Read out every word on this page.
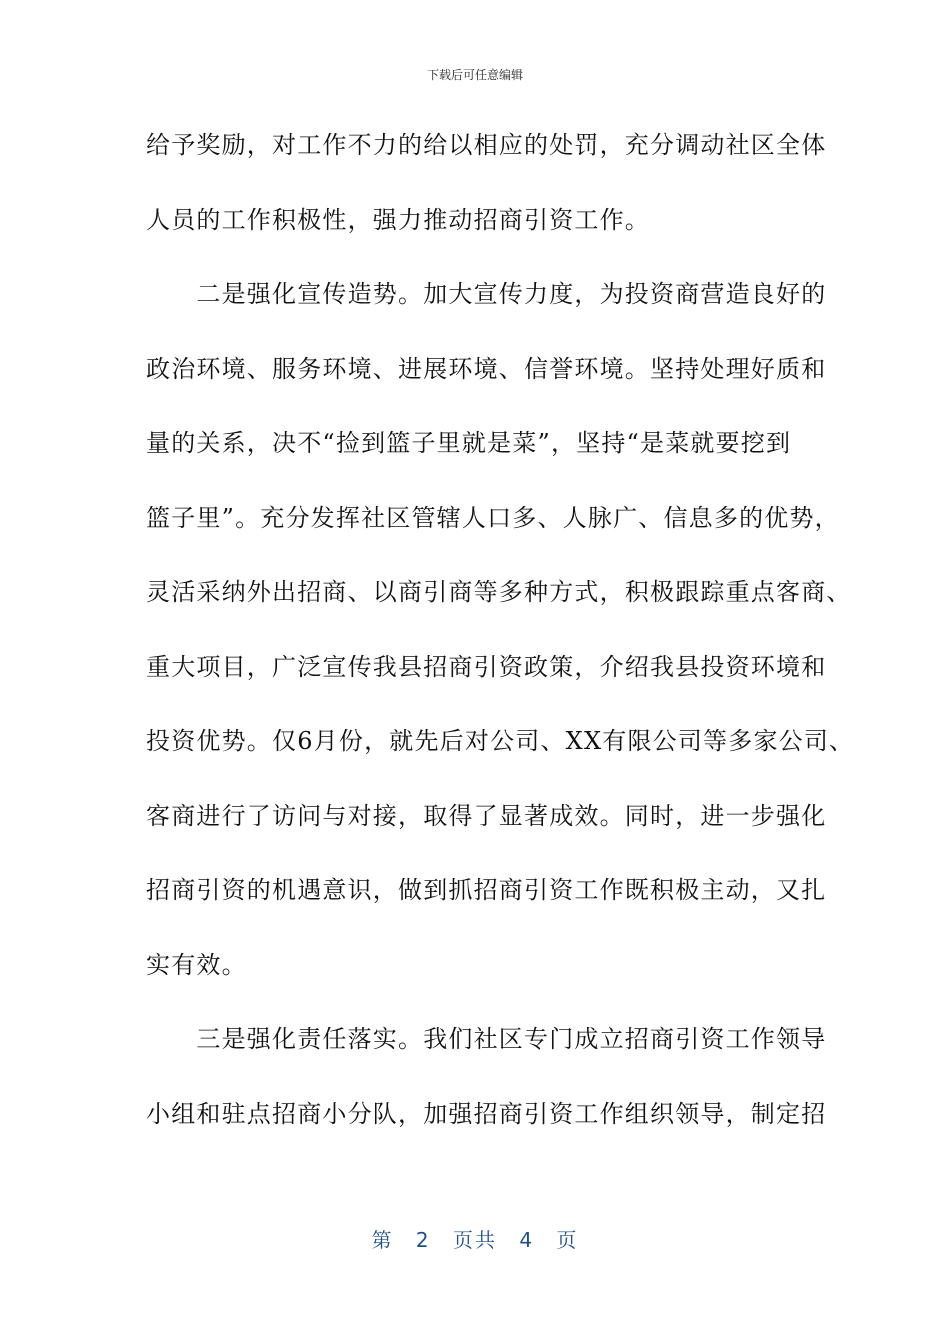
下载后可任意编辑
给予奖励，对工作不力的给以相应的处罚，充分调动社区全体
人员的工作积极性，强力推动招商引资工作。
　　二是强化宣传造势。加大宣传力度，为投资商营造良好的
政治环境、服务环境、进展环境、信誉环境。坚持处理好质和
量的关系，决不“捡到篮子里就是菜”，坚持“是菜就要挖到
篮子里”。充分发挥社区管辖人口多、人脉广、信息多的优势，
灵活采纳外出招商、以商引商等多种方式，积极跟踪重点客商、
重大项目，广泛宣传我县招商引资政策，介绍我县投资环境和
投资优势。仅6月份，就先后对公司、XX有限公司等多家公司、
客商进行了访问与对接，取得了显著成效。同时，进一步强化
招商引资的机遇意识，做到抓招商引资工作既积极主动，又扎
实有效。
　　三是强化责任落实。我们社区专门成立招商引资工作领导
小组和驻点招商小分队，加强招商引资工作组织领导，制定招
第 2 页共 4 页
